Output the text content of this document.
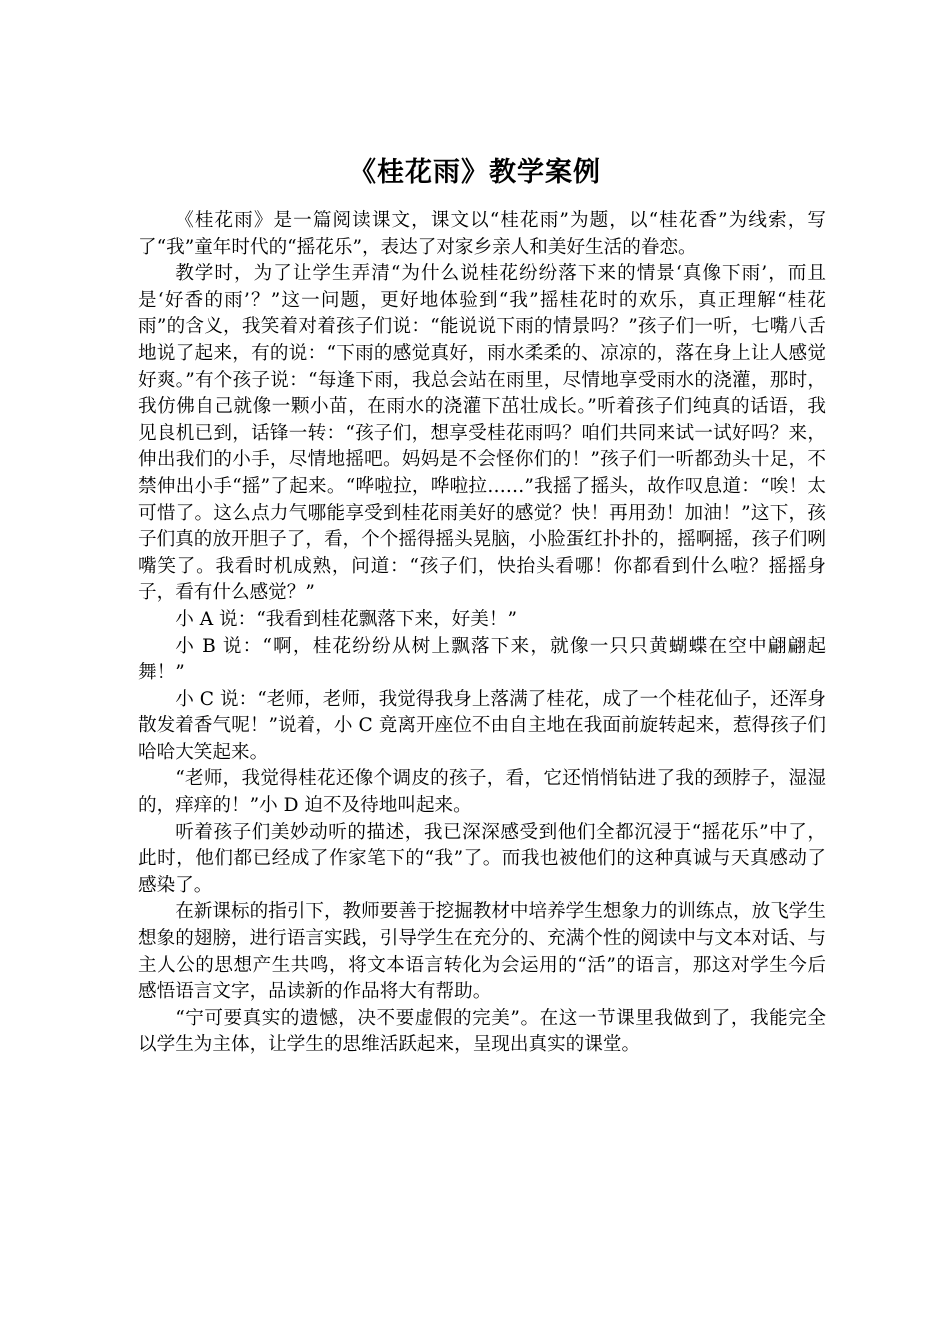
《桂花雨》教学案例

《桂花雨》是一篇阅读课文，课文以“桂花雨”为题，以“桂花香”为线索，写了“我”童年时代的“摇花乐”，表达了对家乡亲人和美好生活的眷恋。

教学时，为了让学生弄清“为什么说桂花纷纷落下来的情景‘真像下雨’，而且是‘好香的雨’？”这一问题，更好地体验到“我”摇桂花时的欢乐，真正理解“桂花雨”的含义，我笑着对着孩子们说：“能说说下雨的情景吗？”孩子们一听，七嘴八舌地说了起来，有的说：“下雨的感觉真好，雨水柔柔的、凉凉的，落在身上让人感觉好爽。”有个孩子说：“每逢下雨，我总会站在雨里，尽情地享受雨水的浇灌，那时，我仿佛自己就像一颗小苗，在雨水的浇灌下茁壮成长。”听着孩子们纯真的话语，我见良机已到，话锋一转：“孩子们，想享受桂花雨吗？咱们共同来试一试好吗？来，伸出我们的小手，尽情地摇吧。妈妈是不会怪你们的！”孩子们一听都劲头十足，不禁伸出小手“摇”了起来。“哗啦拉，哗啦拉……”我摇了摇头，故作叹息道：“唉！太可惜了。这么点力气哪能享受到桂花雨美好的感觉？快！再用劲！加油！”这下，孩子们真的放开胆子了，看，个个摇得摇头晃脑，小脸蛋红扑扑的，摇啊摇，孩子们咧嘴笑了。我看时机成熟，问道：“孩子们，快抬头看哪！你都看到什么啦？摇摇身子，看有什么感觉？”

小 A 说：“我看到桂花飘落下来，好美！”

小 B 说：“啊，桂花纷纷从树上飘落下来，就像一只只黄蝴蝶在空中翩翩起舞！”

小 C 说：“老师，老师，我觉得我身上落满了桂花，成了一个桂花仙子，还浑身散发着香气呢！”说着，小 C 竟离开座位不由自主地在我面前旋转起来，惹得孩子们哈哈大笑起来。

“老师，我觉得桂花还像个调皮的孩子，看，它还悄悄钻进了我的颈脖子，湿湿的，痒痒的！”小 D 迫不及待地叫起来。

听着孩子们美妙动听的描述，我已深深感受到他们全都沉浸于“摇花乐”中了，此时，他们都已经成了作家笔下的“我”了。而我也被他们的这种真诚与天真感动了感染了。

在新课标的指引下，教师要善于挖掘教材中培养学生想象力的训练点，放飞学生想象的翅膀，进行语言实践，引导学生在充分的、充满个性的阅读中与文本对话、与主人公的思想产生共鸣，将文本语言转化为会运用的“活”的语言，那这对学生今后感悟语言文字，品读新的作品将大有帮助。

“宁可要真实的遗憾，决不要虚假的完美”。在这一节课里我做到了，我能完全以学生为主体，让学生的思维活跃起来，呈现出真实的课堂。
